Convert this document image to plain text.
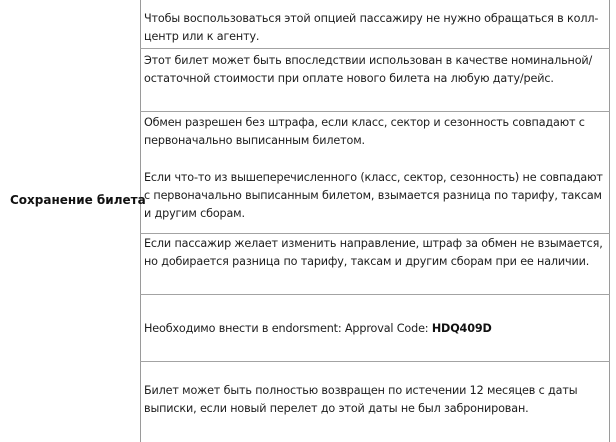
Сохранение билета
Чтобы воспользоваться этой опцией пассажиру не нужно обращаться в колл-центр или к агенту.
Этот билет может быть впоследствии использован в качестве номинальной/остаточной стоимости при оплате нового билета на любую дату/рейс.
Обмен разрешен без штрафа, если класс, сектор и сезонность совпадают с первоначально выписанным билетом.
Если что-то из вышеперечисленного (класс, сектор, сезонность) не совпадают с первоначально выписанным билетом, взымается разница по тарифу, таксам и другим сборам.
Если пассажир желает изменить направление, штраф за обмен не взымается, но добирается разница по тарифу, таксам и другим сборам при ее наличии.
Необходимо внести в endorsment: Approval Code: HDQ409D
Билет может быть полностью возвращен по истечении 12 месяцев с даты выписки, если новый перелет до этой даты не был забронирован.
